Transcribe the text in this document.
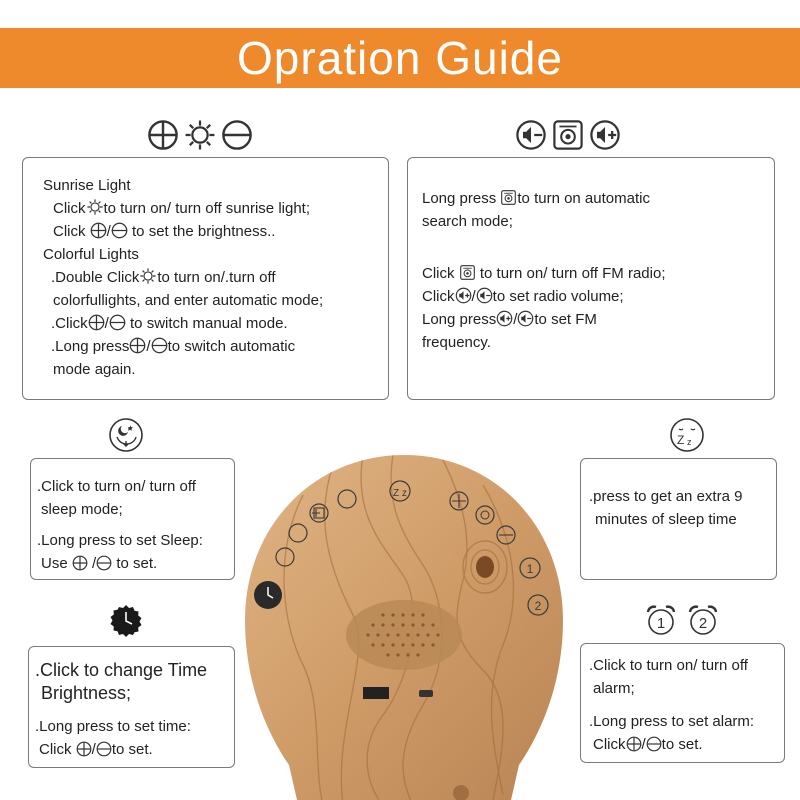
Opration Guide

Sunrise Light

Click to turn on/ turn off sunrise light;

Click / to set the brightness..

Colorful Lights

.Double Click to turn on/.turn off

colorfullights, and enter automatic mode;

.Click / to switch manual mode.

.Long press / to switch automatic

mode again.

Long press to turn on automatic

search mode;

Click to turn on/ turn off FM radio;

Click / to set radio volume;

Long press / to set FM

frequency.

.Click to turn on/ turn off

sleep mode;

.Long press to set Sleep:

Use / to set.

.Click to change Time

Brightness;

.Long press to set time:

Click / to set.

Z z

.press to get an extra 9

minutes of sleep time

1 2

.Click to turn on/ turn off

alarm;

.Long press to set alarm:

Click / to set.

Z z
1
2
